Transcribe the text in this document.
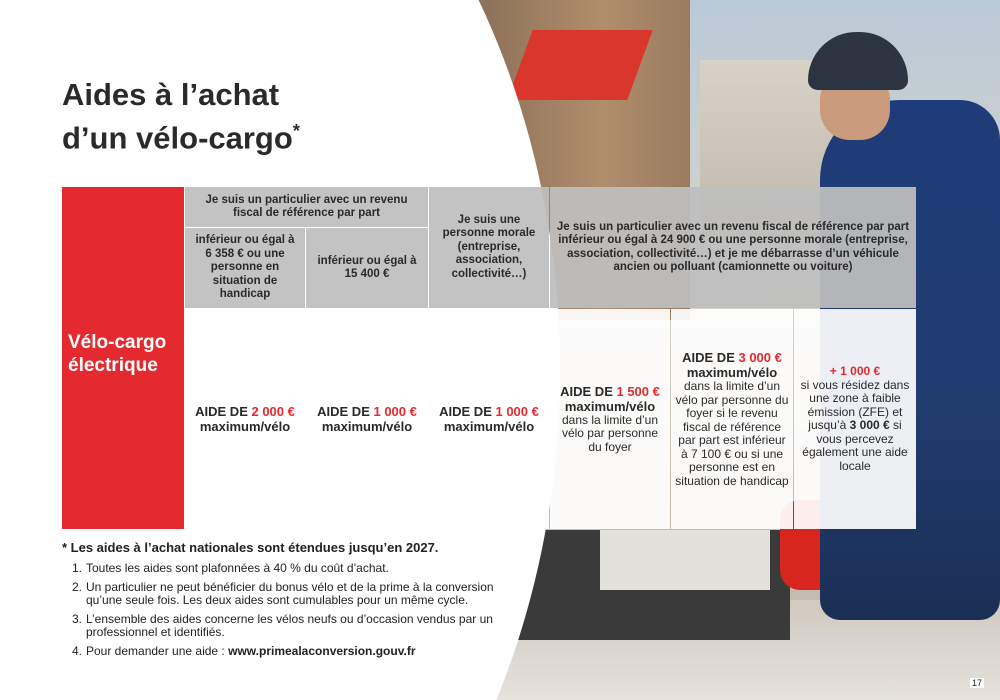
Aides à l’achat
d’un vélo-cargo*
Vélo-cargo
électrique
Je suis un particulier avec un revenu fiscal de référence par part
inférieur ou égal à 6 358 € ou une personne en situation de handicap
inférieur ou égal à 15 400 €
Je suis une personne morale (entreprise, association, collectivité…)
Je suis un particulier avec un revenu fiscal de référence par part inférieur ou égal à 24 900 € ou une personne morale (entreprise, association, collectivité…) et je me débarrasse d’un véhicule ancien ou polluant (camionnette ou voiture)
AIDE DE 2 000 €
maximum/vélo
AIDE DE 1 000 €
maximum/vélo
AIDE DE 1 000 €
maximum/vélo
AIDE DE 1 500 €
maximum/vélo
dans la limite d’un vélo par personne du foyer
AIDE DE 3 000 €
maximum/vélo
dans la limite d’un vélo par personne du foyer si le revenu fiscal de référence par part est inférieur à 7 100 € ou si une personne est en situation de handicap
+ 1 000 €
si vous résidez dans une zone à faible émission (ZFE) et jusqu’à 3 000 € si vous percevez également une aide locale
* Les aides à l’achat nationales sont étendues jusqu’en 2027.
1. Toutes les aides sont plafonnées à 40 % du coût d’achat.
2. Un particulier ne peut bénéficier du bonus vélo et de la prime à la conversion qu’une seule fois. Les deux aides sont cumulables pour un même cycle.
3. L’ensemble des aides concerne les vélos neufs ou d’occasion vendus par un professionnel et identifiés.
4. Pour demander une aide : www.primealaconversion.gouv.fr
17
